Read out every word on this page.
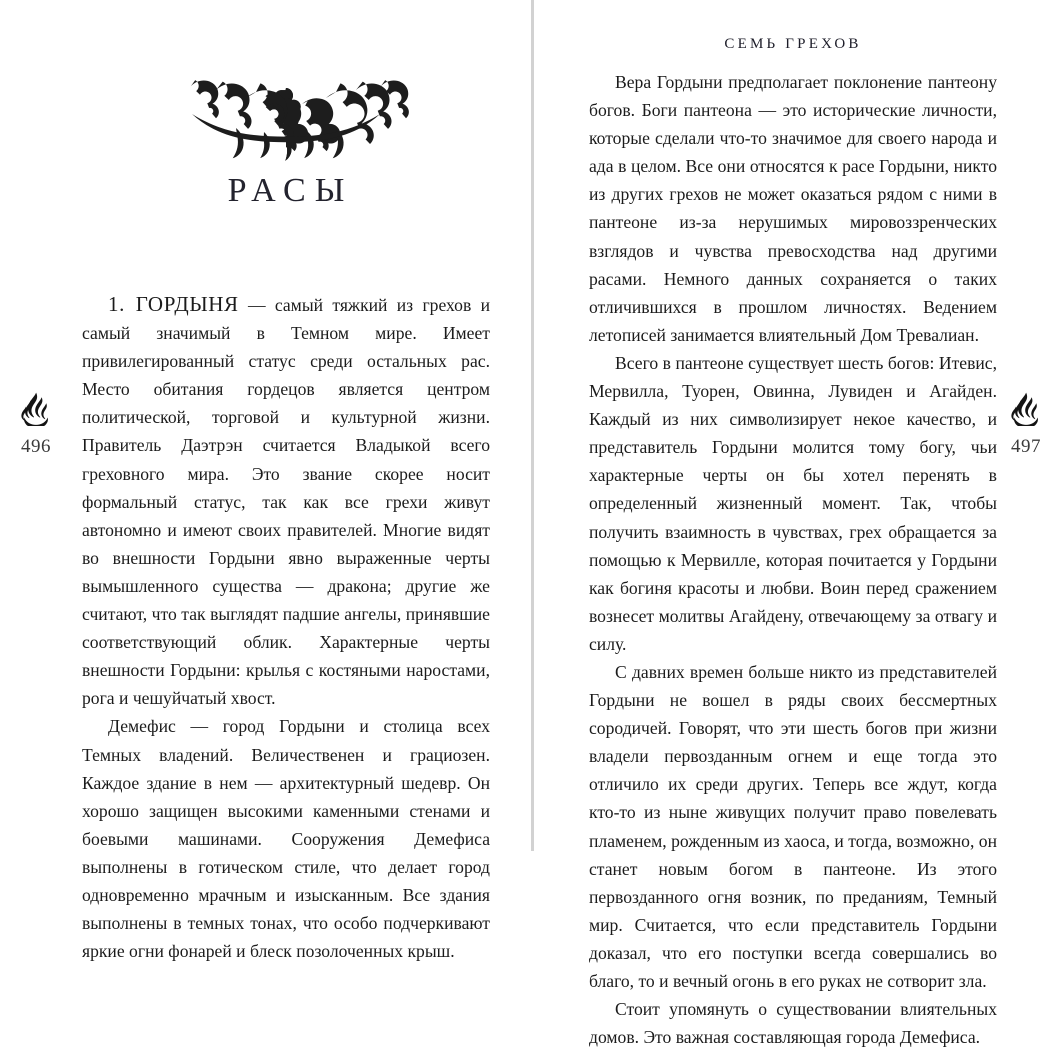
496
РАСЫ

1. ГОРДЫНЯ — самый тяжкий из грехов и самый значимый в Темном мире. Имеет привилегированный статус среди остальных рас. Место обитания гордецов является центром политической, торговой и культурной жизни. Правитель Даэтрэн считается Владыкой всего греховного мира. Это звание скорее носит формальный статус, так как все грехи живут автономно и имеют своих правителей. Многие видят во внешности Гордыни явно выраженные черты вымышленного существа — дракона; другие же считают, что так выглядят падшие ангелы, принявшие соответствующий облик. Характерные черты внешности Гордыни: крылья с костяными наростами, рога и чешуйчатый хвост.

Демефис — город Гордыни и столица всех Темных владений. Величественен и грациозен. Каждое здание в нем — архитектурный шедевр. Он хорошо защищен высокими каменными стенами и боевыми машинами. Сооружения Демефиса выполнены в готическом стиле, что делает город одновременно мрачным и изысканным. Все здания выполнены в темных тонах, что особо подчеркивают яркие огни фонарей и блеск позолоченных крыш.

497
СЕМЬ ГРЕХОВ

Вера Гордыни предполагает поклонение пантеону богов. Боги пантеона — это исторические личности, которые сделали что-то значимое для своего народа и ада в целом. Все они относятся к расе Гордыни, никто из других грехов не может оказаться рядом с ними в пантеоне из-за нерушимых мировоззренческих взглядов и чувства превосходства над другими расами. Немного данных сохраняется о таких отличившихся в прошлом личностях. Ведением летописей занимается влиятельный Дом Тревалиан.

Всего в пантеоне существует шесть богов: Итевис, Мервилла, Туорен, Овинна, Лувиден и Агайден. Каждый из них символизирует некое качество, и представитель Гордыни молится тому богу, чьи характерные черты он бы хотел перенять в определенный жизненный момент. Так, чтобы получить взаимность в чувствах, грех обращается за помощью к Мервилле, которая почитается у Гордыни как богиня красоты и любви. Воин перед сражением вознесет молитвы Агайдену, отвечающему за отвагу и силу.

С давних времен больше никто из представителей Гордыни не вошел в ряды своих бессмертных сородичей. Говорят, что эти шесть богов при жизни владели первозданным огнем и еще тогда это отличило их среди других. Теперь все ждут, когда кто-то из ныне живущих получит право повелевать пламенем, рожденным из хаоса, и тогда, возможно, он станет новым богом в пантеоне. Из этого первозданного огня возник, по преданиям, Темный мир. Считается, что если представитель Гордыни доказал, что его поступки всегда совершались во благо, то и вечный огонь в его руках не сотворит зла.

Стоит упомянуть о существовании влиятельных домов. Это важная составляющая города Демефиса.
